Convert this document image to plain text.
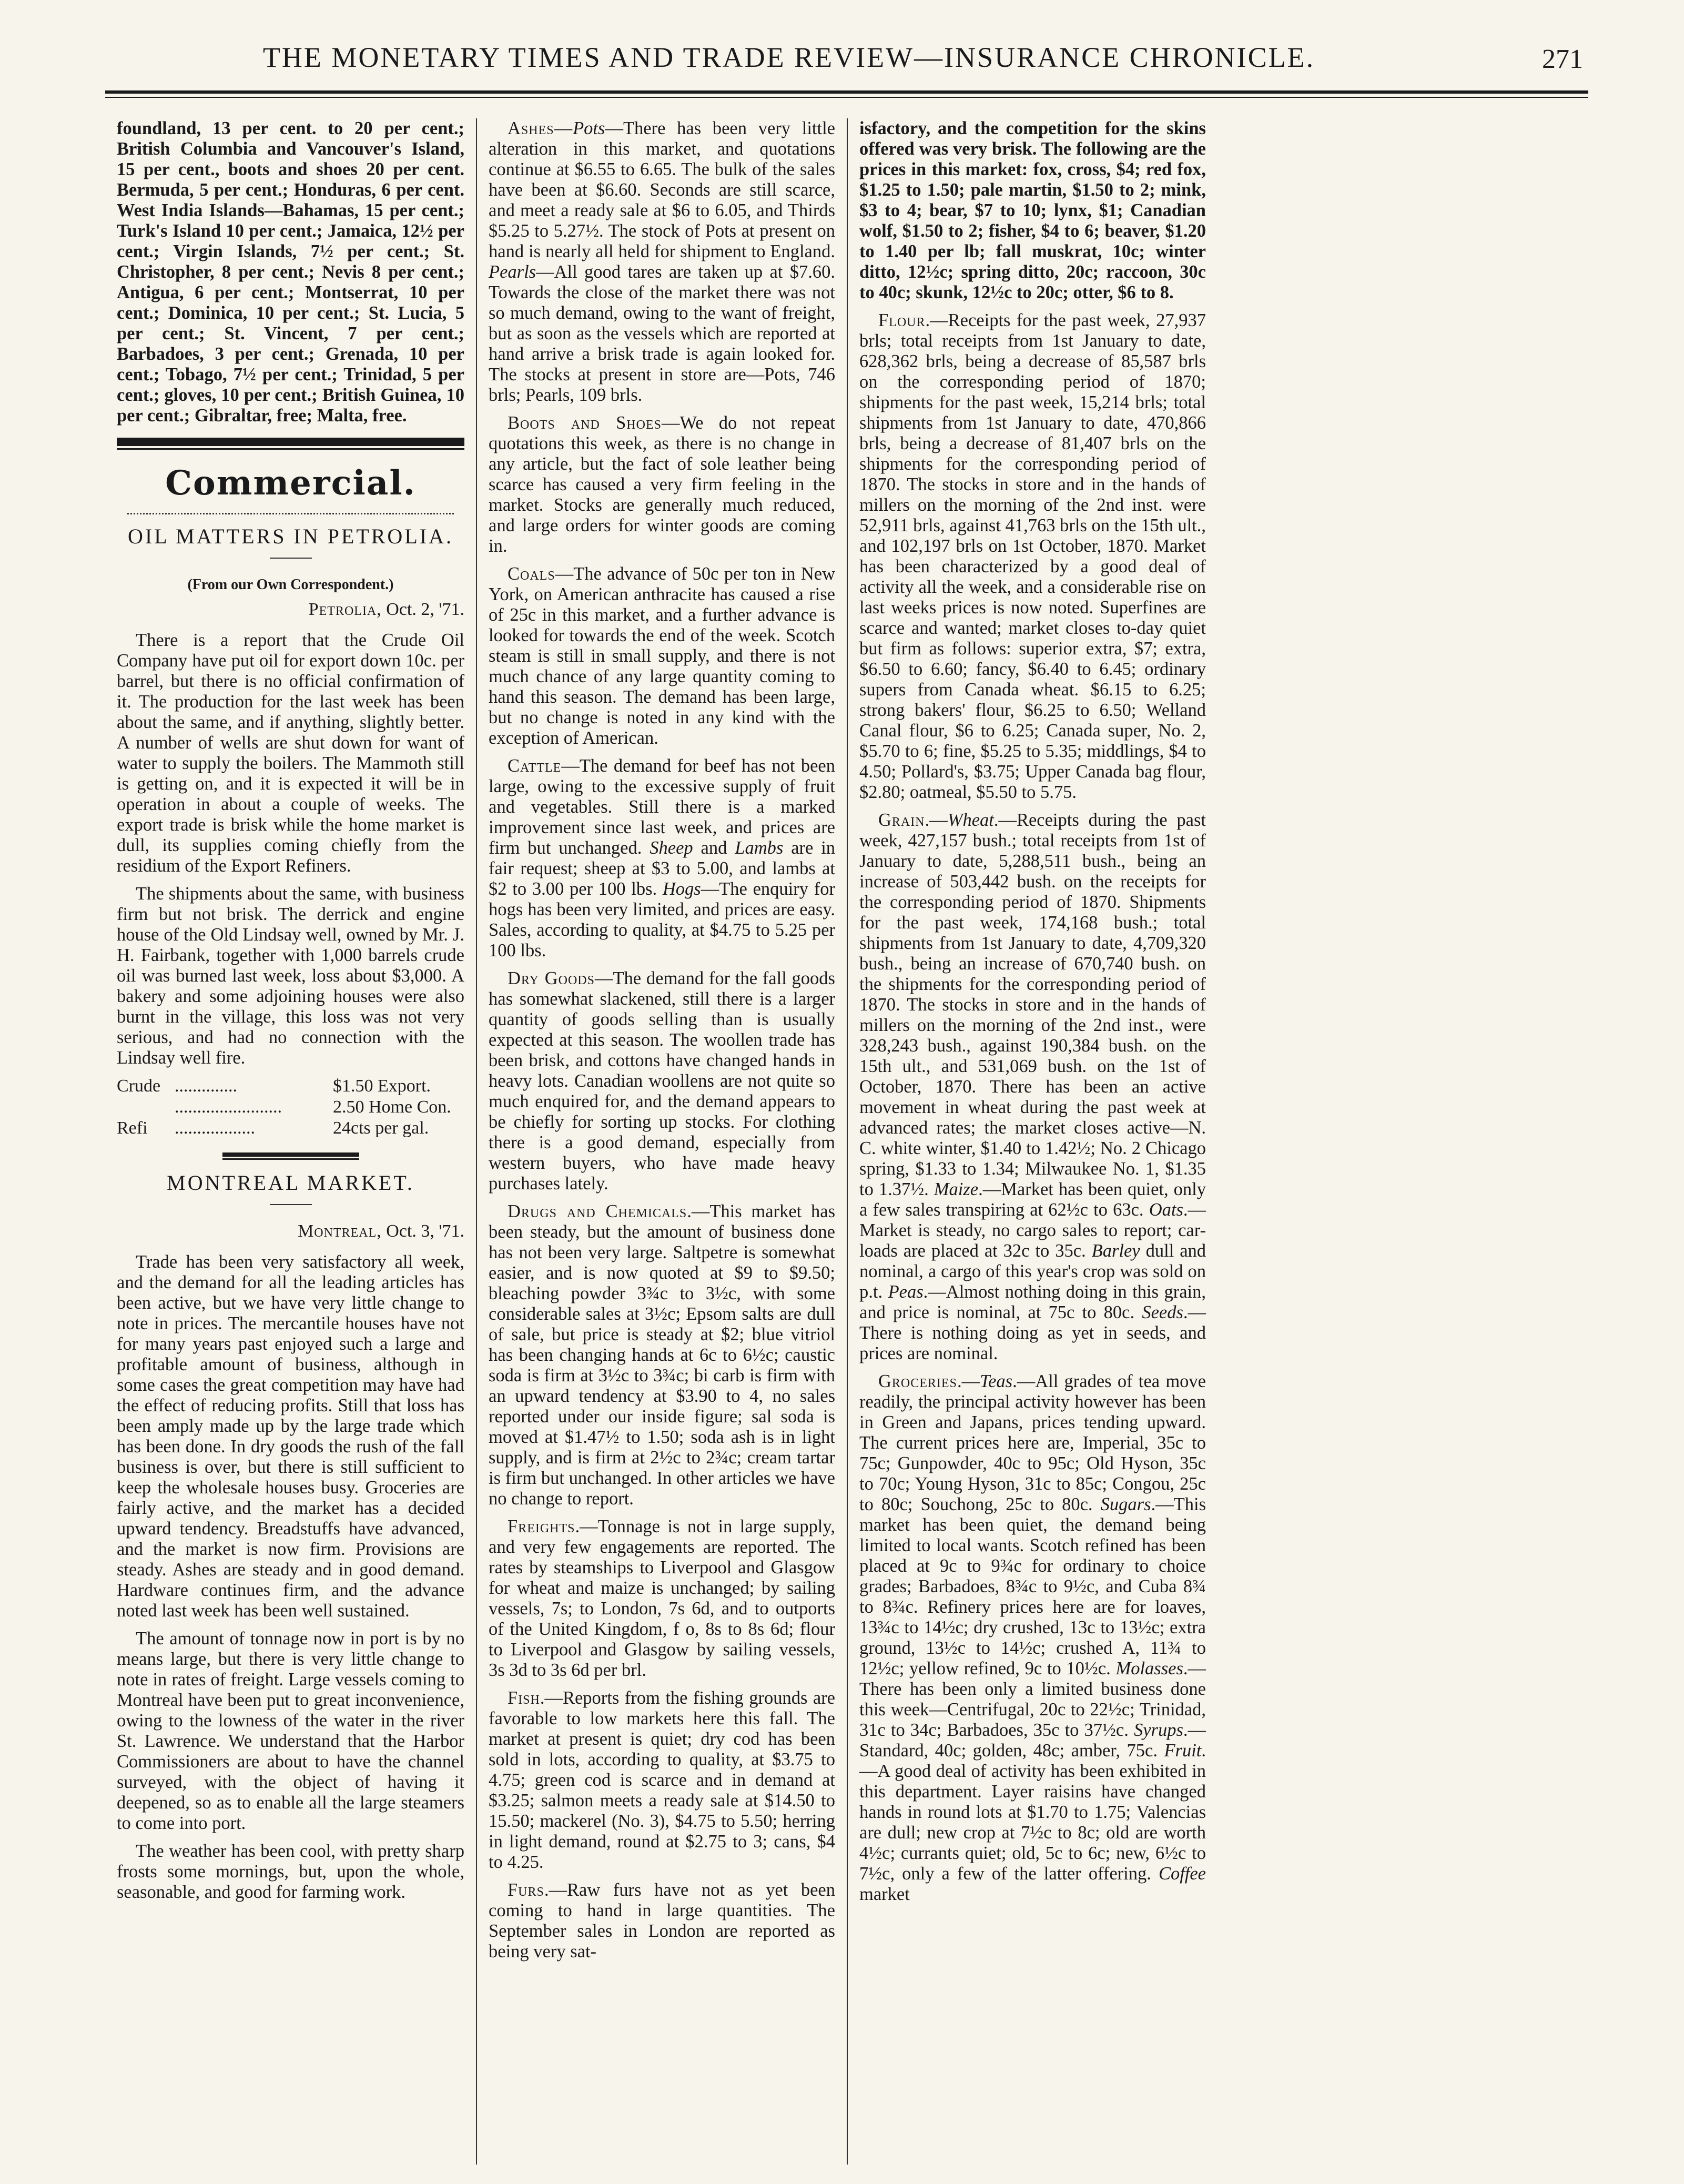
THE MONETARY TIMES AND TRADE REVIEW—INSURANCE CHRONICLE.	271

foundland, 13 per cent. to 20 per cent.; British Columbia and Vancouver's Island, 15 per cent., boots and shoes 20 per cent. Bermuda, 5 per cent.; Honduras, 6 per cent. West India Islands—Bahamas, 15 per cent.; Turk's Island 10 per cent.; Jamaica, 12½ per cent.; Virgin Islands, 7½ per cent.; St. Christopher, 8 per cent.; Nevis 8 per cent.; Antigua, 6 per cent.; Montserrat, 10 per cent.; Dominica, 10 per cent.; St. Lucia, 5 per cent.; St. Vincent, 7 per cent.; Barbadoes, 3 per cent.; Grenada, 10 per cent.; Tobago, 7½ per cent.; Trinidad, 5 per cent.; gloves, 10 per cent.; British Guinea, 10 per cent.; Gibraltar, free; Malta, free.

Commercial.
OIL MATTERS IN PETROLIA.
(From our Own Correspondent.)
Petrolia, Oct. 2, '71.

There is a report that the Crude Oil Company have put oil for export down 10c. per barrel, but there is no official confirmation of it. The production for the last week has been about the same, and if anything, slightly better. A number of wells are shut down for want of water to supply the boilers. The Mammoth still is getting on, and it is expected it will be in operation in about a couple of weeks. The export trade is brisk while the home market is dull, its supplies coming chiefly from the residium of the Export Refiners.

The shipments about the same, with business firm but not brisk. The derrick and engine house of the Old Lindsay well, owned by Mr. J. H. Fairbank, together with 1,000 barrels crude oil was burned last week, loss about $3,000. A bakery and some adjoining houses were also burnt in the village, this loss was not very serious, and had no connection with the Lindsay well fire.

Crude ..............	$1.50 Export.
........................	2.50 Home Con.
Refi	..................	24cts per gal.
MONTREAL MARKET.
Montreal, Oct. 3, '71.

Trade has been very satisfactory all week, and the demand for all the leading articles has been active, but we have very little change to note in prices. The mercantile houses have not for many years past enjoyed such a large and profitable amount of business, although in some cases the great competition may have had the effect of reducing profits. Still that loss has been amply made up by the large trade which has been done. In dry goods the rush of the fall business is over, but there is still sufficient to keep the wholesale houses busy. Groceries are fairly active, and the market has a decided upward tendency. Breadstuffs have advanced, and the market is now firm. Provisions are steady. Ashes are steady and in good demand. Hardware continues firm, and the advance noted last week has been well sustained.

The amount of tonnage now in port is by no means large, but there is very little change to note in rates of freight. Large vessels coming to Montreal have been put to great inconvenience, owing to the lowness of the water in the river St. Lawrence. We understand that the Harbor Commissioners are about to have the channel surveyed, with the object of having it deepened, so as to enable all the large steamers to come into port.

The weather has been cool, with pretty sharp frosts some mornings, but, upon the whole, seasonable, and good for farming work.

Ashes—Pots—There has been very little alteration in this market, and quotations continue at $6.55 to 6.65. The bulk of the sales have been at $6.60. Seconds are still scarce, and meet a ready sale at $6 to 6.05, and Thirds $5.25 to 5.27½. The stock of Pots at present on hand is nearly all held for shipment to England. Pearls—All good tares are taken up at $7.60. Towards the close of the market there was not so much demand, owing to the want of freight, but as soon as the vessels which are reported at hand arrive a brisk trade is again looked for. The stocks at present in store are—Pots, 746 brls; Pearls, 109 brls.

Boots and Shoes—We do not repeat quotations this week, as there is no change in any article, but the fact of sole leather being scarce has caused a very firm feeling in the market. Stocks are generally much reduced, and large orders for winter goods are coming in.

Coals—The advance of 50c per ton in New York, on American anthracite has caused a rise of 25c in this market, and a further advance is looked for towards the end of the week. Scotch steam is still in small supply, and there is not much chance of any large quantity coming to hand this season. The demand has been large, but no change is noted in any kind with the exception of American.

Cattle—The demand for beef has not been large, owing to the excessive supply of fruit and vegetables. Still there is a marked improvement since last week, and prices are firm but unchanged. Sheep and Lambs are in fair request; sheep at $3 to 5.00, and lambs at $2 to 3.00 per 100 lbs. Hogs—The enquiry for hogs has been very limited, and prices are easy. Sales, according to quality, at $4.75 to 5.25 per 100 lbs.

Dry Goods—The demand for the fall goods has somewhat slackened, still there is a larger quantity of goods selling than is usually expected at this season. The woollen trade has been brisk, and cottons have changed hands in heavy lots. Canadian woollens are not quite so much enquired for, and the demand appears to be chiefly for sorting up stocks. For clothing there is a good demand, especially from western buyers, who have made heavy purchases lately.

Drugs and Chemicals.—This market has been steady, but the amount of business done has not been very large. Saltpetre is somewhat easier, and is now quoted at $9 to $9.50; bleaching powder 3¾c to 3½c, with some considerable sales at 3½c; Epsom salts are dull of sale, but price is steady at $2; blue vitriol has been changing hands at 6c to 6½c; caustic soda is firm at 3½c to 3¾c; bi carb is firm with an upward tendency at $3.90 to 4, no sales reported under our inside figure; sal soda is moved at $1.47½ to 1.50; soda ash is in light supply, and is firm at 2½c to 2¾c; cream tartar is firm but unchanged. In other articles we have no change to report.

Freights.—Tonnage is not in large supply, and very few engagements are reported. The rates by steamships to Liverpool and Glasgow for wheat and maize is unchanged; by sailing vessels, 7s; to London, 7s 6d, and to outports of the United Kingdom, f o, 8s to 8s 6d; flour to Liverpool and Glasgow by sailing vessels, 3s 3d to 3s 6d per brl.

Fish.—Reports from the fishing grounds are favorable to low markets here this fall. The market at present is quiet; dry cod has been sold in lots, according to quality, at $3.75 to 4.75; green cod is scarce and in demand at $3.25; salmon meets a ready sale at $14.50 to 15.50; mackerel (No. 3), $4.75 to 5.50; herring in light demand, round at $2.75 to 3; cans, $4 to 4.25.

Furs.—Raw furs have not as yet been coming to hand in large quantities. The September sales in London are reported as being very sat-

isfactory, and the competition for the skins offered was very brisk. The following are the prices in this market: fox, cross, $4; red fox, $1.25 to 1.50; pale martin, $1.50 to 2; mink, $3 to 4; bear, $7 to 10; lynx, $1; Canadian wolf, $1.50 to 2; fisher, $4 to 6; beaver, $1.20 to 1.40 per lb; fall muskrat, 10c; winter ditto, 12½c; spring ditto, 20c; raccoon, 30c to 40c; skunk, 12½c to 20c; otter, $6 to 8.

Flour.—Receipts for the past week, 27,937 brls; total receipts from 1st January to date, 628,362 brls, being a decrease of 85,587 brls on the corresponding period of 1870; shipments for the past week, 15,214 brls; total shipments from 1st January to date, 470,866 brls, being a decrease of 81,407 brls on the shipments for the corresponding period of 1870. The stocks in store and in the hands of millers on the morning of the 2nd inst. were 52,911 brls, against 41,763 brls on the 15th ult., and 102,197 brls on 1st October, 1870. Market has been characterized by a good deal of activity all the week, and a considerable rise on last weeks prices is now noted. Superfines are scarce and wanted; market closes to-day quiet but firm as follows: superior extra, $7; extra, $6.50 to 6.60; fancy, $6.40 to 6.45; ordinary supers from Canada wheat. $6.15 to 6.25; strong bakers' flour, $6.25 to 6.50; Welland Canal flour, $6 to 6.25; Canada super, No. 2, $5.70 to 6; fine, $5.25 to 5.35; middlings, $4 to 4.50; Pollard's, $3.75; Upper Canada bag flour, $2.80; oatmeal, $5.50 to 5.75.

Grain.—Wheat.—Receipts during the past week, 427,157 bush.; total receipts from 1st of January to date, 5,288,511 bush., being an increase of 503,442 bush. on the receipts for the corresponding period of 1870. Shipments for the past week, 174,168 bush.; total shipments from 1st January to date, 4,709,320 bush., being an increase of 670,740 bush. on the shipments for the corresponding period of 1870. The stocks in store and in the hands of millers on the morning of the 2nd inst., were 328,243 bush., against 190,384 bush. on the 15th ult., and 531,069 bush. on the 1st of October, 1870. There has been an active movement in wheat during the past week at advanced rates; the market closes active—N. C. white winter, $1.40 to 1.42½; No. 2 Chicago spring, $1.33 to 1.34; Milwaukee No. 1, $1.35 to 1.37½. Maize.—Market has been quiet, only a few sales transpiring at 62½c to 63c. Oats.—Market is steady, no cargo sales to report; car-loads are placed at 32c to 35c. Barley dull and nominal, a cargo of this year's crop was sold on p.t. Peas.—Almost nothing doing in this grain, and price is nominal, at 75c to 80c. Seeds.—There is nothing doing as yet in seeds, and prices are nominal.

Groceries.—Teas.—All grades of tea move readily, the principal activity however has been in Green and Japans, prices tending upward. The current prices here are, Imperial, 35c to 75c; Gunpowder, 40c to 95c; Old Hyson, 35c to 70c; Young Hyson, 31c to 85c; Congou, 25c to 80c; Souchong, 25c to 80c. Sugars.—This market has been quiet, the demand being limited to local wants. Scotch refined has been placed at 9c to 9¾c for ordinary to choice grades; Barbadoes, 8¾c to 9½c, and Cuba 8¾ to 8¾c. Refinery prices here are for loaves, 13¾c to 14½c; dry crushed, 13c to 13½c; extra ground, 13½c to 14½c; crushed A, 11¾ to 12½c; yellow refined, 9c to 10½c. Molasses.—There has been only a limited business done this week—Centrifugal, 20c to 22½c; Trinidad, 31c to 34c; Barbadoes, 35c to 37½c. Syrups.—Standard, 40c; golden, 48c; amber, 75c. Fruit.—A good deal of activity has been exhibited in this department. Layer raisins have changed hands in round lots at $1.70 to 1.75; Valencias are dull; new crop at 7½c to 8c; old are worth 4½c; currants quiet; old, 5c to 6c; new, 6½c to 7½c, only a few of the latter offering. Coffee market
